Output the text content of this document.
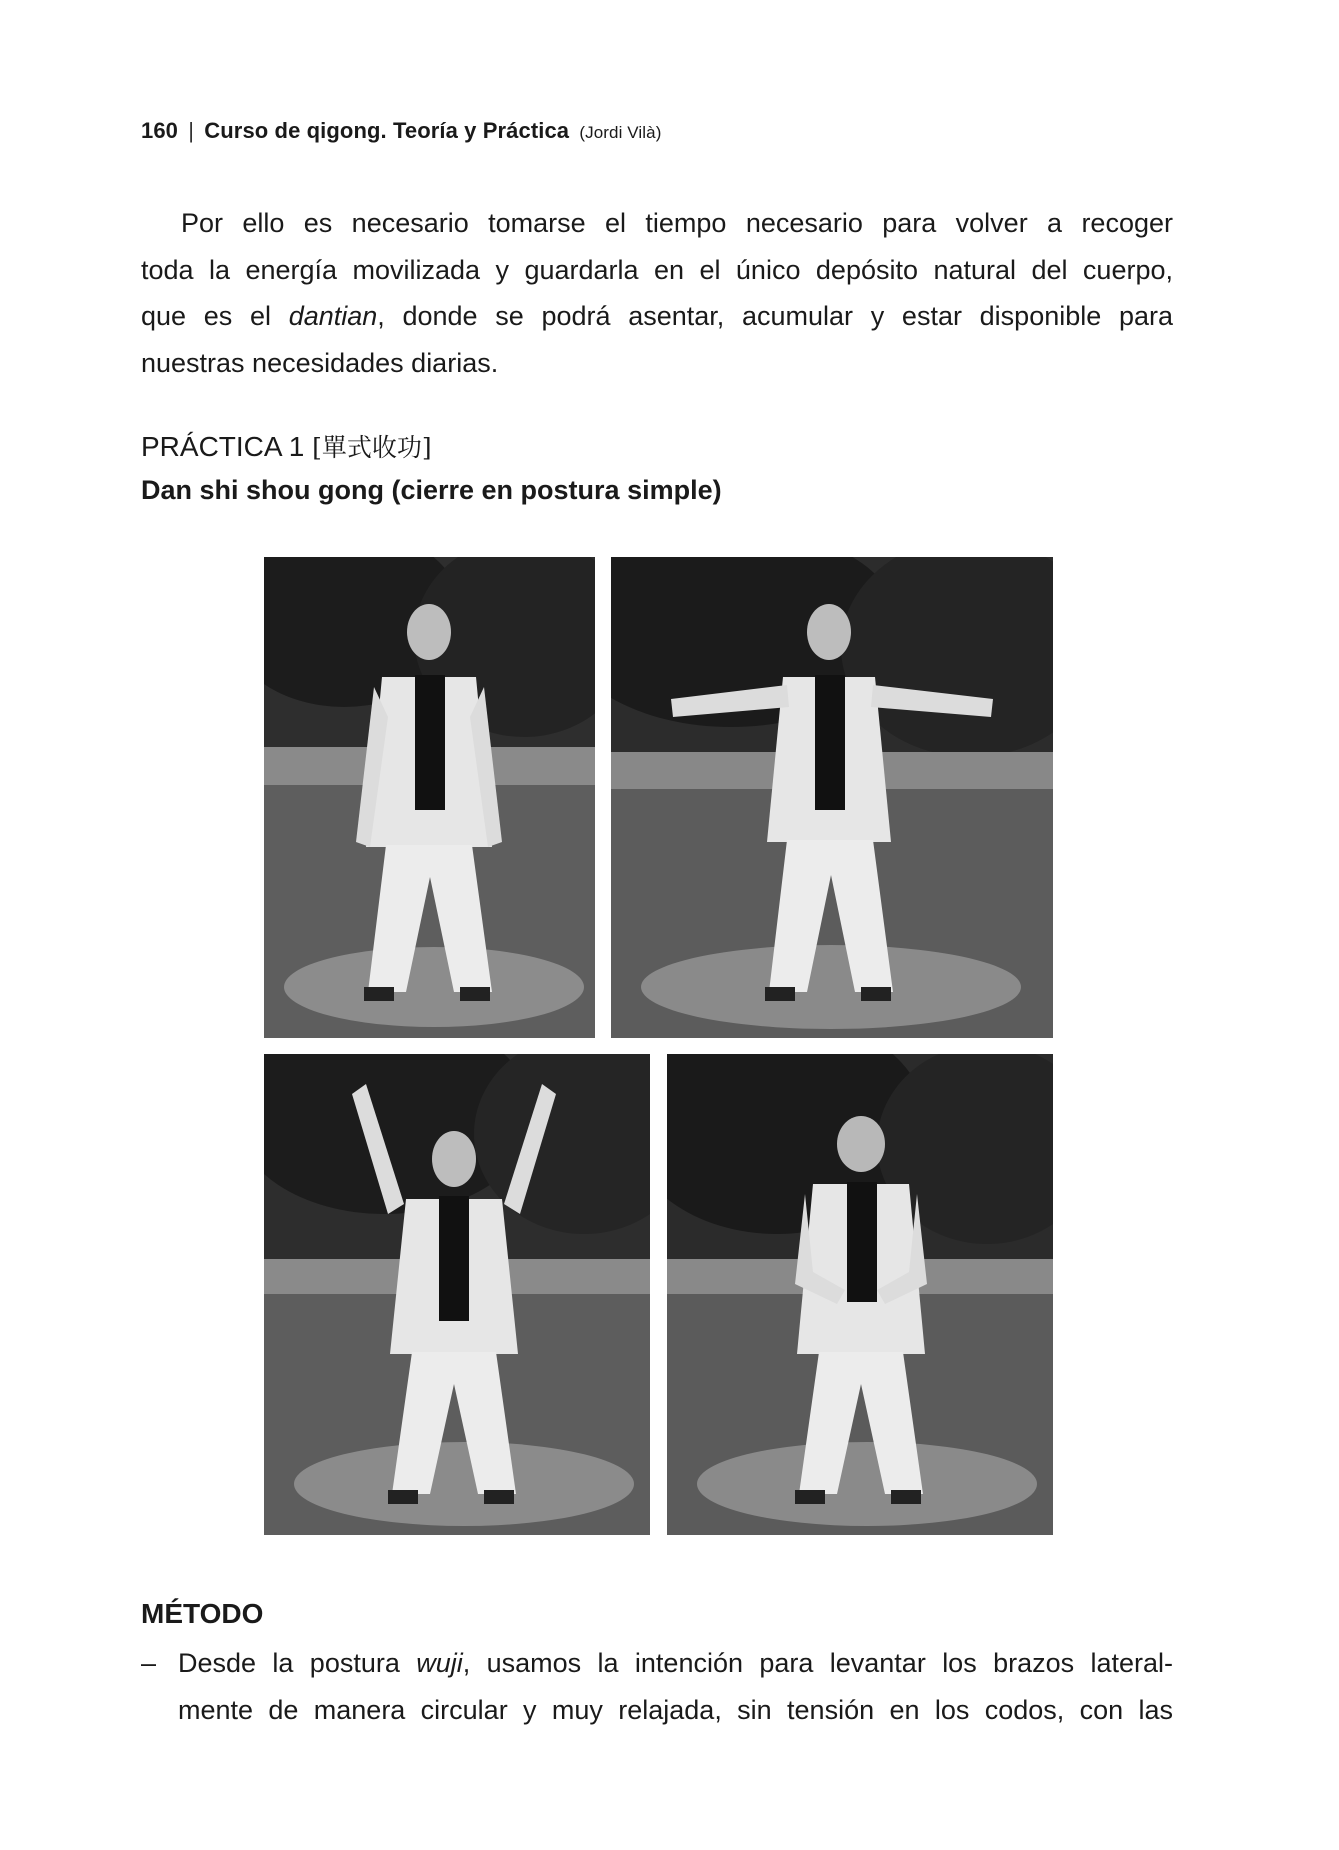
160 | Curso de qigong. Teoría y Práctica (Jordi Vilà)

Por ello es necesario tomarse el tiempo necesario para volver a recoger
toda la energía movilizada y guardarla en el único depósito natural del cuerpo,
que es el dantian, donde se podrá asentar, acumular y estar disponible para
nuestras necesidades diarias.

PRÁCTICA 1 [單式收功]
Dan shi shou gong (cierre en postura simple)
MÉTODO
– Desde la postura wuji, usamos la intención para levantar los brazos lateral-
mente de manera circular y muy relajada, sin tensión en los codos, con las
